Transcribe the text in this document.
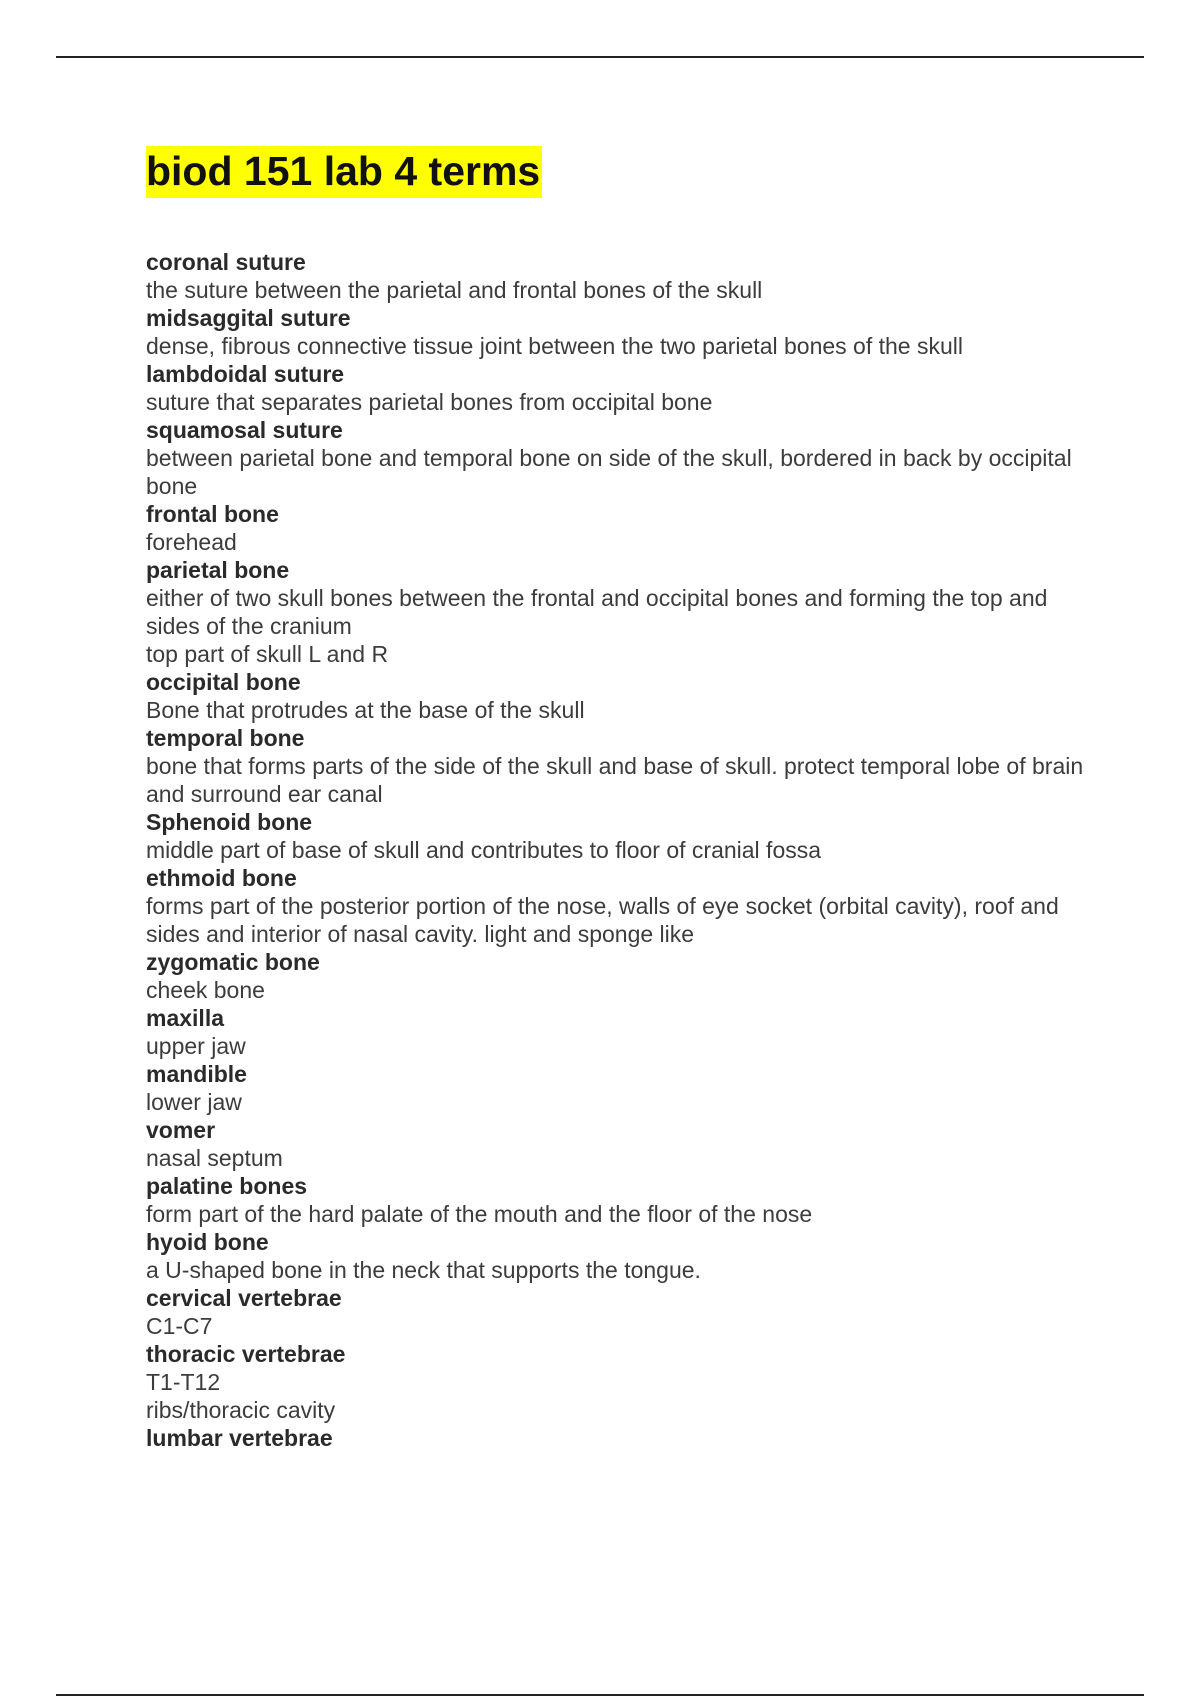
biod 151 lab 4 terms
coronal suture
the suture between the parietal and frontal bones of the skull
midsaggital suture
dense, fibrous connective tissue joint between the two parietal bones of the skull
lambdoidal suture
suture that separates parietal bones from occipital bone
squamosal suture
between parietal bone and temporal bone on side of the skull, bordered in back by occipital bone
frontal bone
forehead
parietal bone
either of two skull bones between the frontal and occipital bones and forming the top and sides of the cranium
top part of skull L and R
occipital bone
Bone that protrudes at the base of the skull
temporal bone
bone that forms parts of the side of the skull and base of skull. protect temporal lobe of brain and surround ear canal
Sphenoid bone
middle part of base of skull and contributes to floor of cranial fossa
ethmoid bone
forms part of the posterior portion of the nose, walls of eye socket (orbital cavity), roof and sides and interior of nasal cavity. light and sponge like
zygomatic bone
cheek bone
maxilla
upper jaw
mandible
lower jaw
vomer
nasal septum
palatine bones
form part of the hard palate of the mouth and the floor of the nose
hyoid bone
a U-shaped bone in the neck that supports the tongue.
cervical vertebrae
C1-C7
thoracic vertebrae
T1-T12
ribs/thoracic cavity
lumbar vertebrae
